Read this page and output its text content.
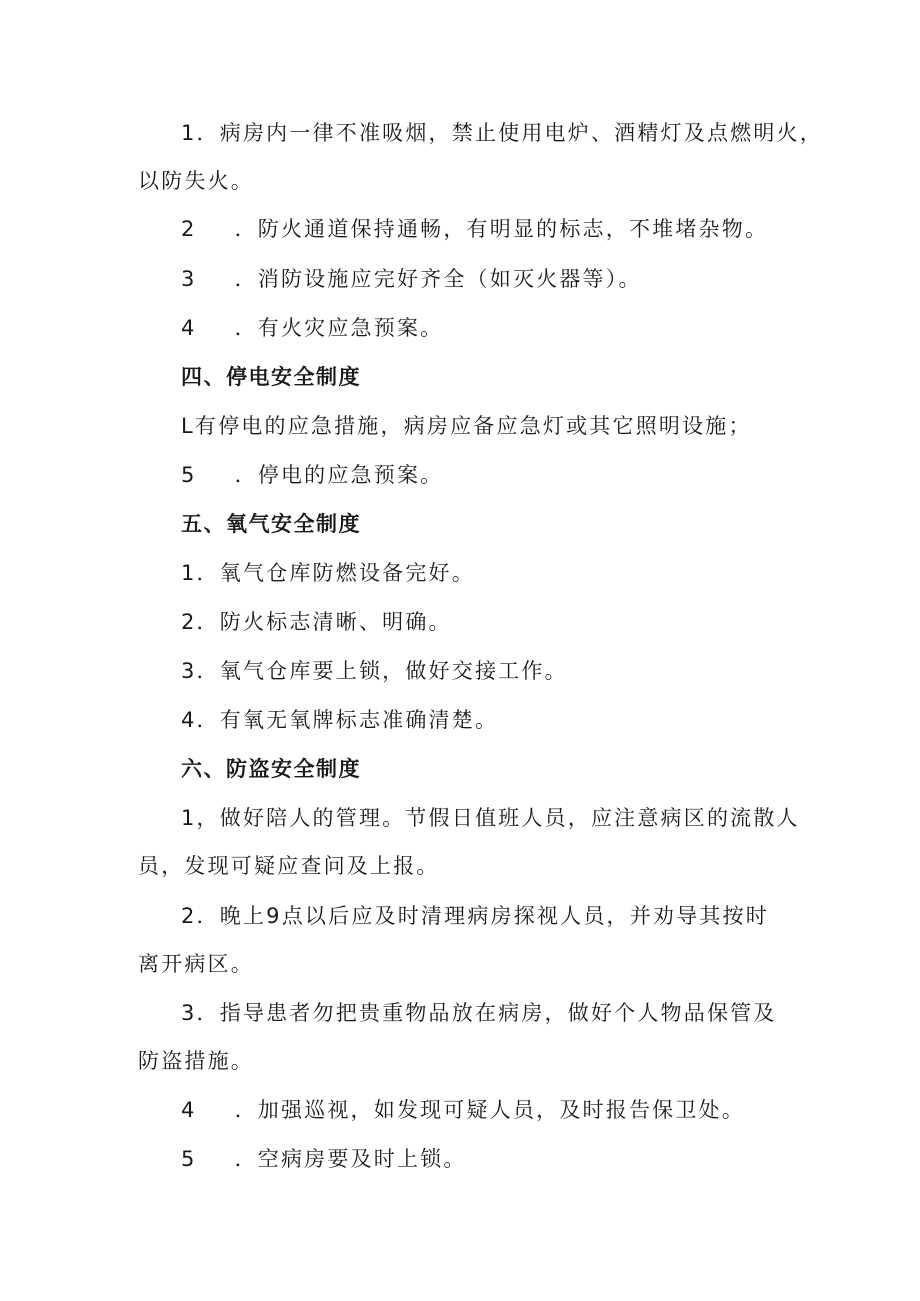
1．病房内一律不准吸烟，禁止使用电炉、酒精灯及点燃明火，
以防失火。
2 ．防火通道保持通畅，有明显的标志，不堆堵杂物。
3 ．消防设施应完好齐全（如灭火器等）。
4 ．有火灾应急预案。
四、停电安全制度
L有停电的应急措施，病房应备应急灯或其它照明设施；
5 ．停电的应急预案。
五、氧气安全制度
1．氧气仓库防燃设备完好。
2．防火标志清晰、明确。
3．氧气仓库要上锁，做好交接工作。
4．有氧无氧牌标志准确清楚。
六、防盗安全制度
1，做好陪人的管理。节假日值班人员，应注意病区的流散人
员，发现可疑应查问及上报。
2．晚上9点以后应及时清理病房探视人员，并劝导其按时
离开病区。
3．指导患者勿把贵重物品放在病房，做好个人物品保管及
防盗措施。
4 ．加强巡视，如发现可疑人员，及时报告保卫处。
5 ．空病房要及时上锁。
